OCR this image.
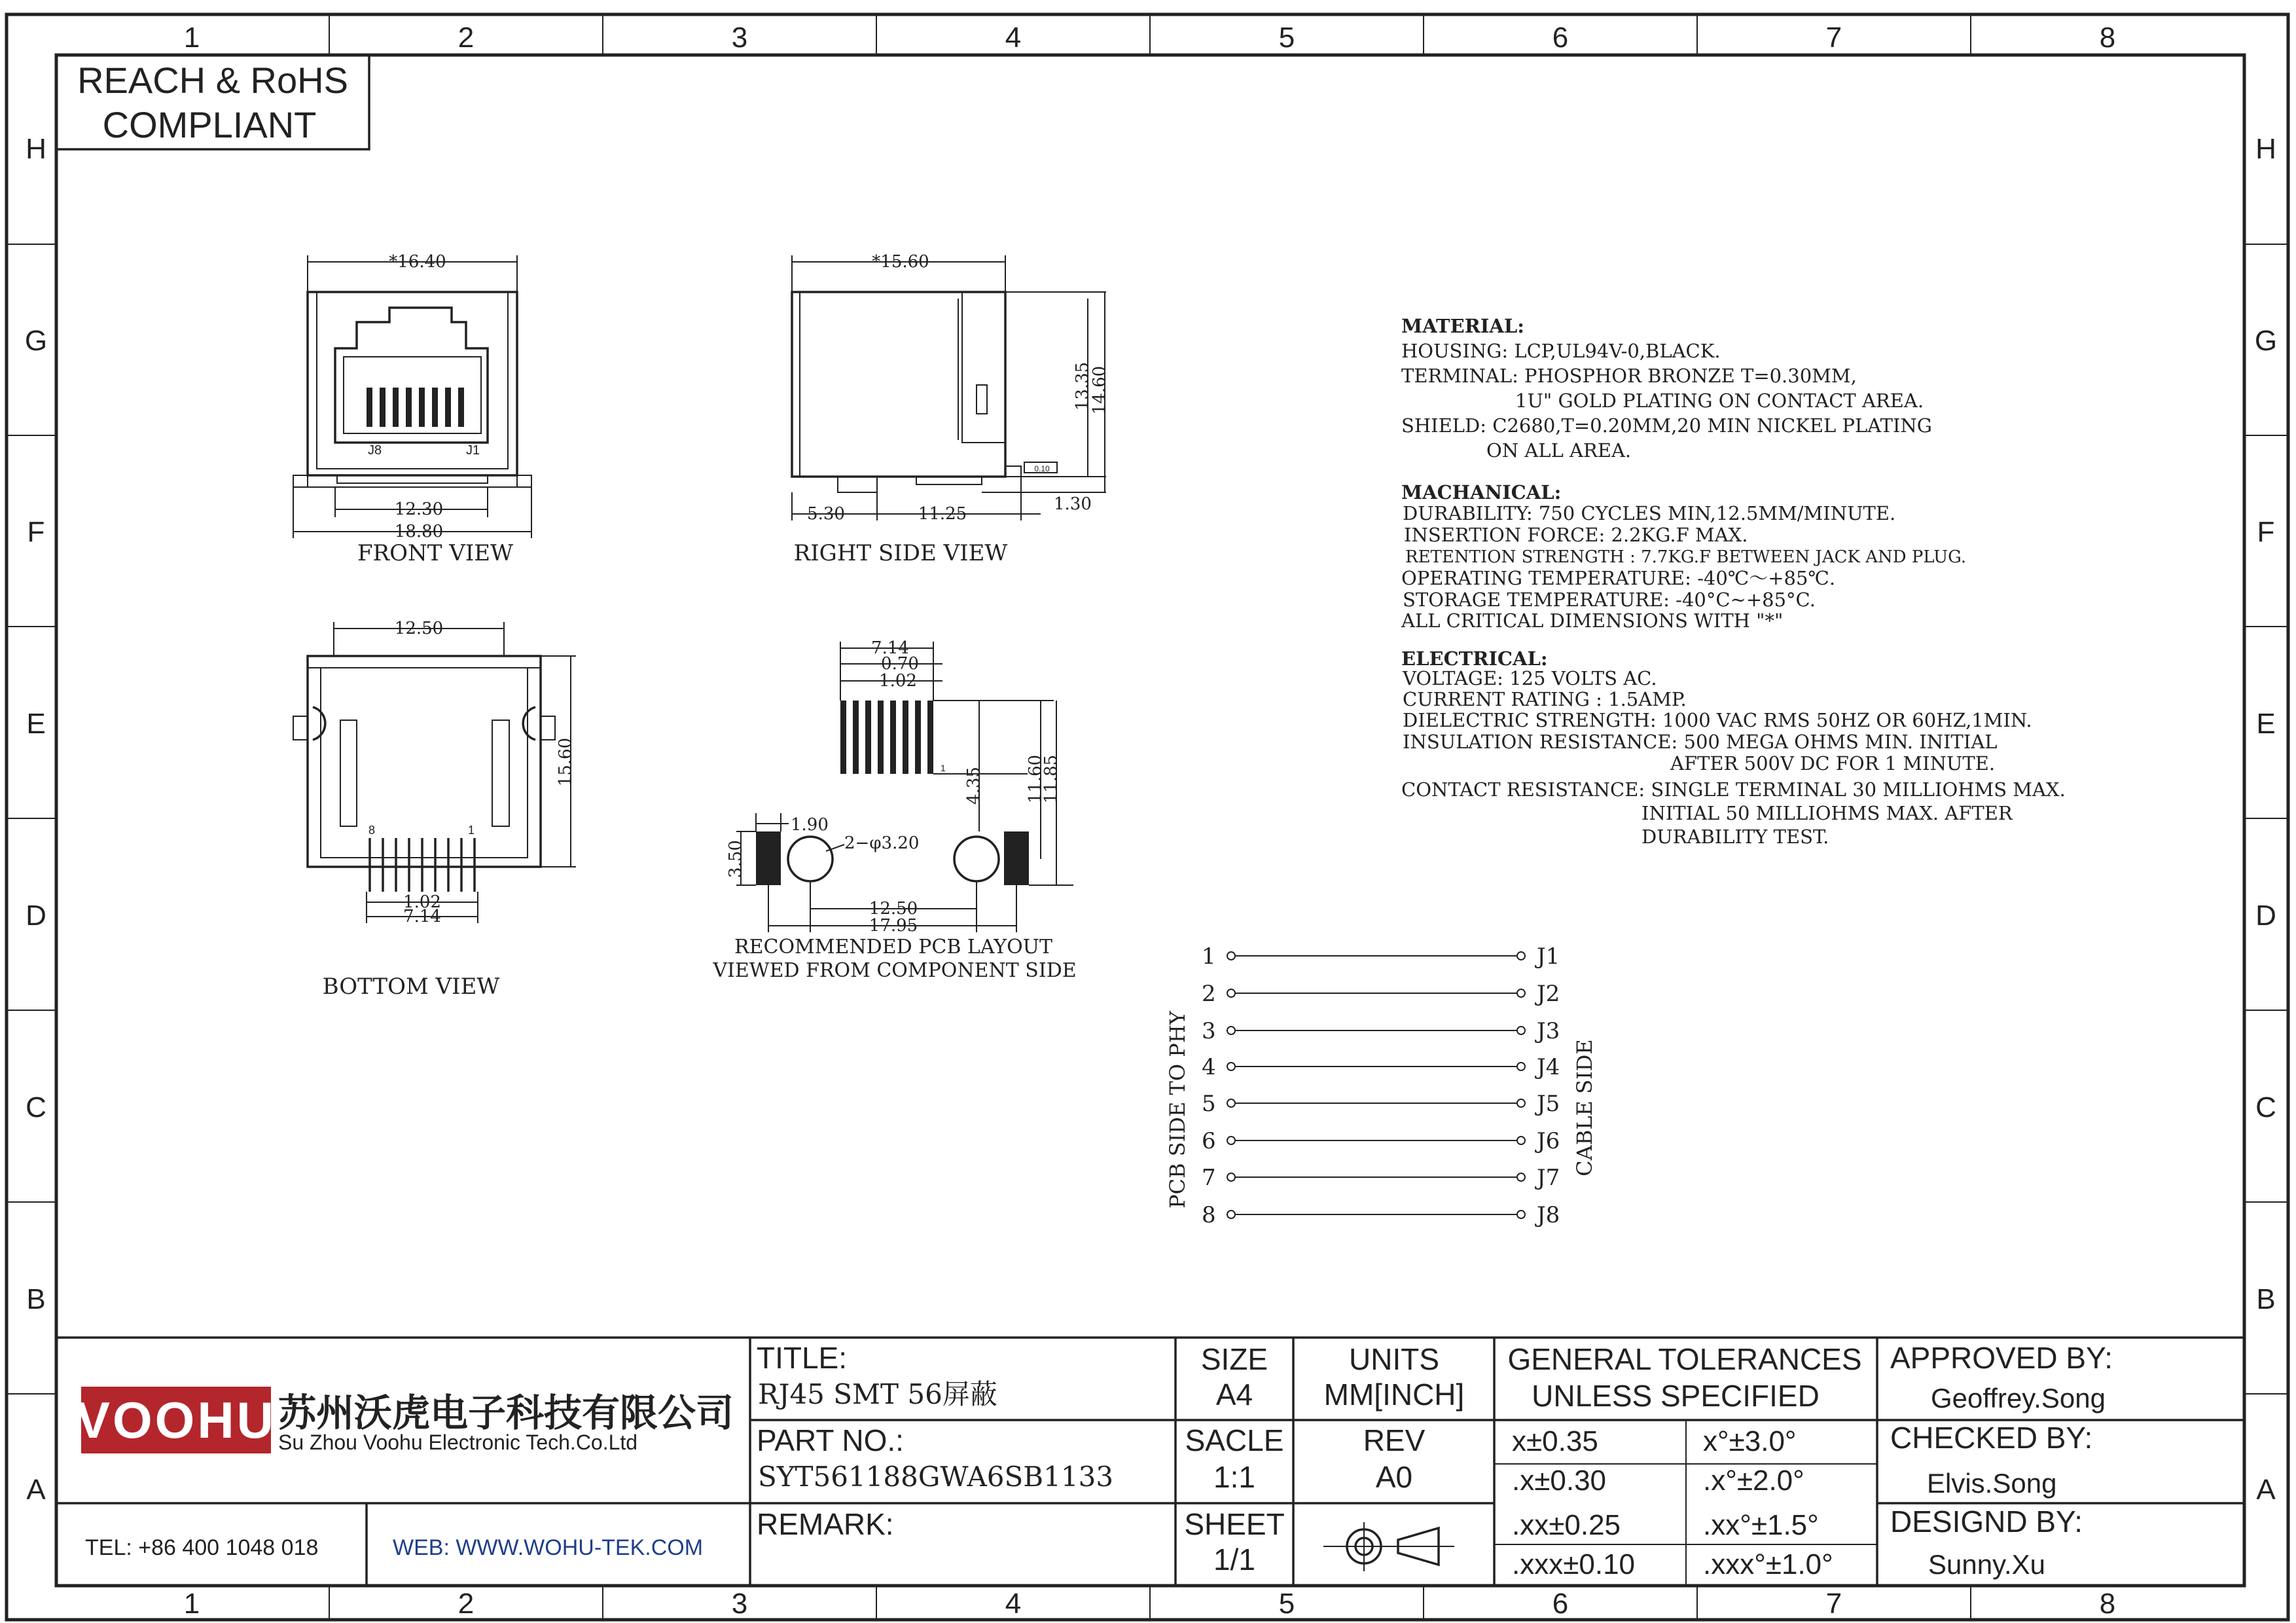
1	2	3	4	5	6	7	8
1	2	3	4	5	6	7	8
H
G
F
E
D
C
B
A
H
G
F
E
D
C
B
A
REACH & RoHS
COMPLIANT
J8	J1
*16.40
12.30
18.80
FRONT VIEW
0.10
*15.60
13.35
14.60
5.30	11.25	1.30
RIGHT SIDE VIEW
8	1
12.50
15.60
1.02
7.14
BOTTOM VIEW
8	1
7.14
0.70
1.02
4.35 11.60
11.85
3.50
1.90
2−φ3.20
12.50
17.95
RECOMMENDED PCB LAYOUT
VIEWED FROM COMPONENT SIDE
MATERIAL:
HOUSING: LCP,UL94V-0,BLACK.
TERMINAL: PHOSPHOR BRONZE T=0.30MM,
1U" GOLD PLATING ON CONTACT AREA.
SHIELD: C2680,T=0.20MM,20 MIN NICKEL PLATING
ON ALL AREA.
MACHANICAL:
DURABILITY: 750 CYCLES MIN,12.5MM/MINUTE.
INSERTION FORCE: 2.2KG.F MAX.
RETENTION STRENGTH : 7.7KG.F BETWEEN JACK AND PLUG.
OPERATING TEMPERATURE: -40℃～+85℃.
STORAGE TEMPERATURE: -40°C~+85°C.
ALL CRITICAL DIMENSIONS WITH "*"
ELECTRICAL:
VOLTAGE: 125 VOLTS AC.
CURRENT RATING : 1.5AMP.
DIELECTRIC STRENGTH: 1000 VAC RMS 50HZ OR 60HZ,1MIN.
INSULATION RESISTANCE: 500 MEGA OHMS MIN. INITIAL
AFTER 500V DC FOR 1 MINUTE.
CONTACT RESISTANCE: SINGLE TERMINAL 30 MILLIOHMS MAX.
INITIAL 50 MILLIOHMS MAX. AFTER
DURABILITY TEST.
PCB SIDE TO PHY	CABLE SIDE
1	J1
2	J2
3	J3
4	J4
5	J5
6	J6
7	J7
8	J8
VOOHU 苏州沃虎电子科技有限公司
Su Zhou Voohu Electronic Tech.Co.Ltd
TEL: +86 400 1048 018	WEB: WWW.WOHU-TEK.COM
TITLE:
RJ45 SMT 56屏蔽
PART NO.:
SYT561188GWA6SB1133
REMARK:
SIZE
A4
UNITS
MM[INCH]
SACLE
1:1
REV
A0
SHEET
1/1
GENERAL TOLERANCES
UNLESS SPECIFIED
x±0.35	x°±3.0°
.x±0.30	.x°±2.0°
.xx±0.25	.xx°±1.5°
.xxx±0.10 .xxx°±1.0°
APPROVED BY:
Geoffrey.Song
CHECKED BY:
Elvis.Song
DESIGND BY:
Sunny.Xu
